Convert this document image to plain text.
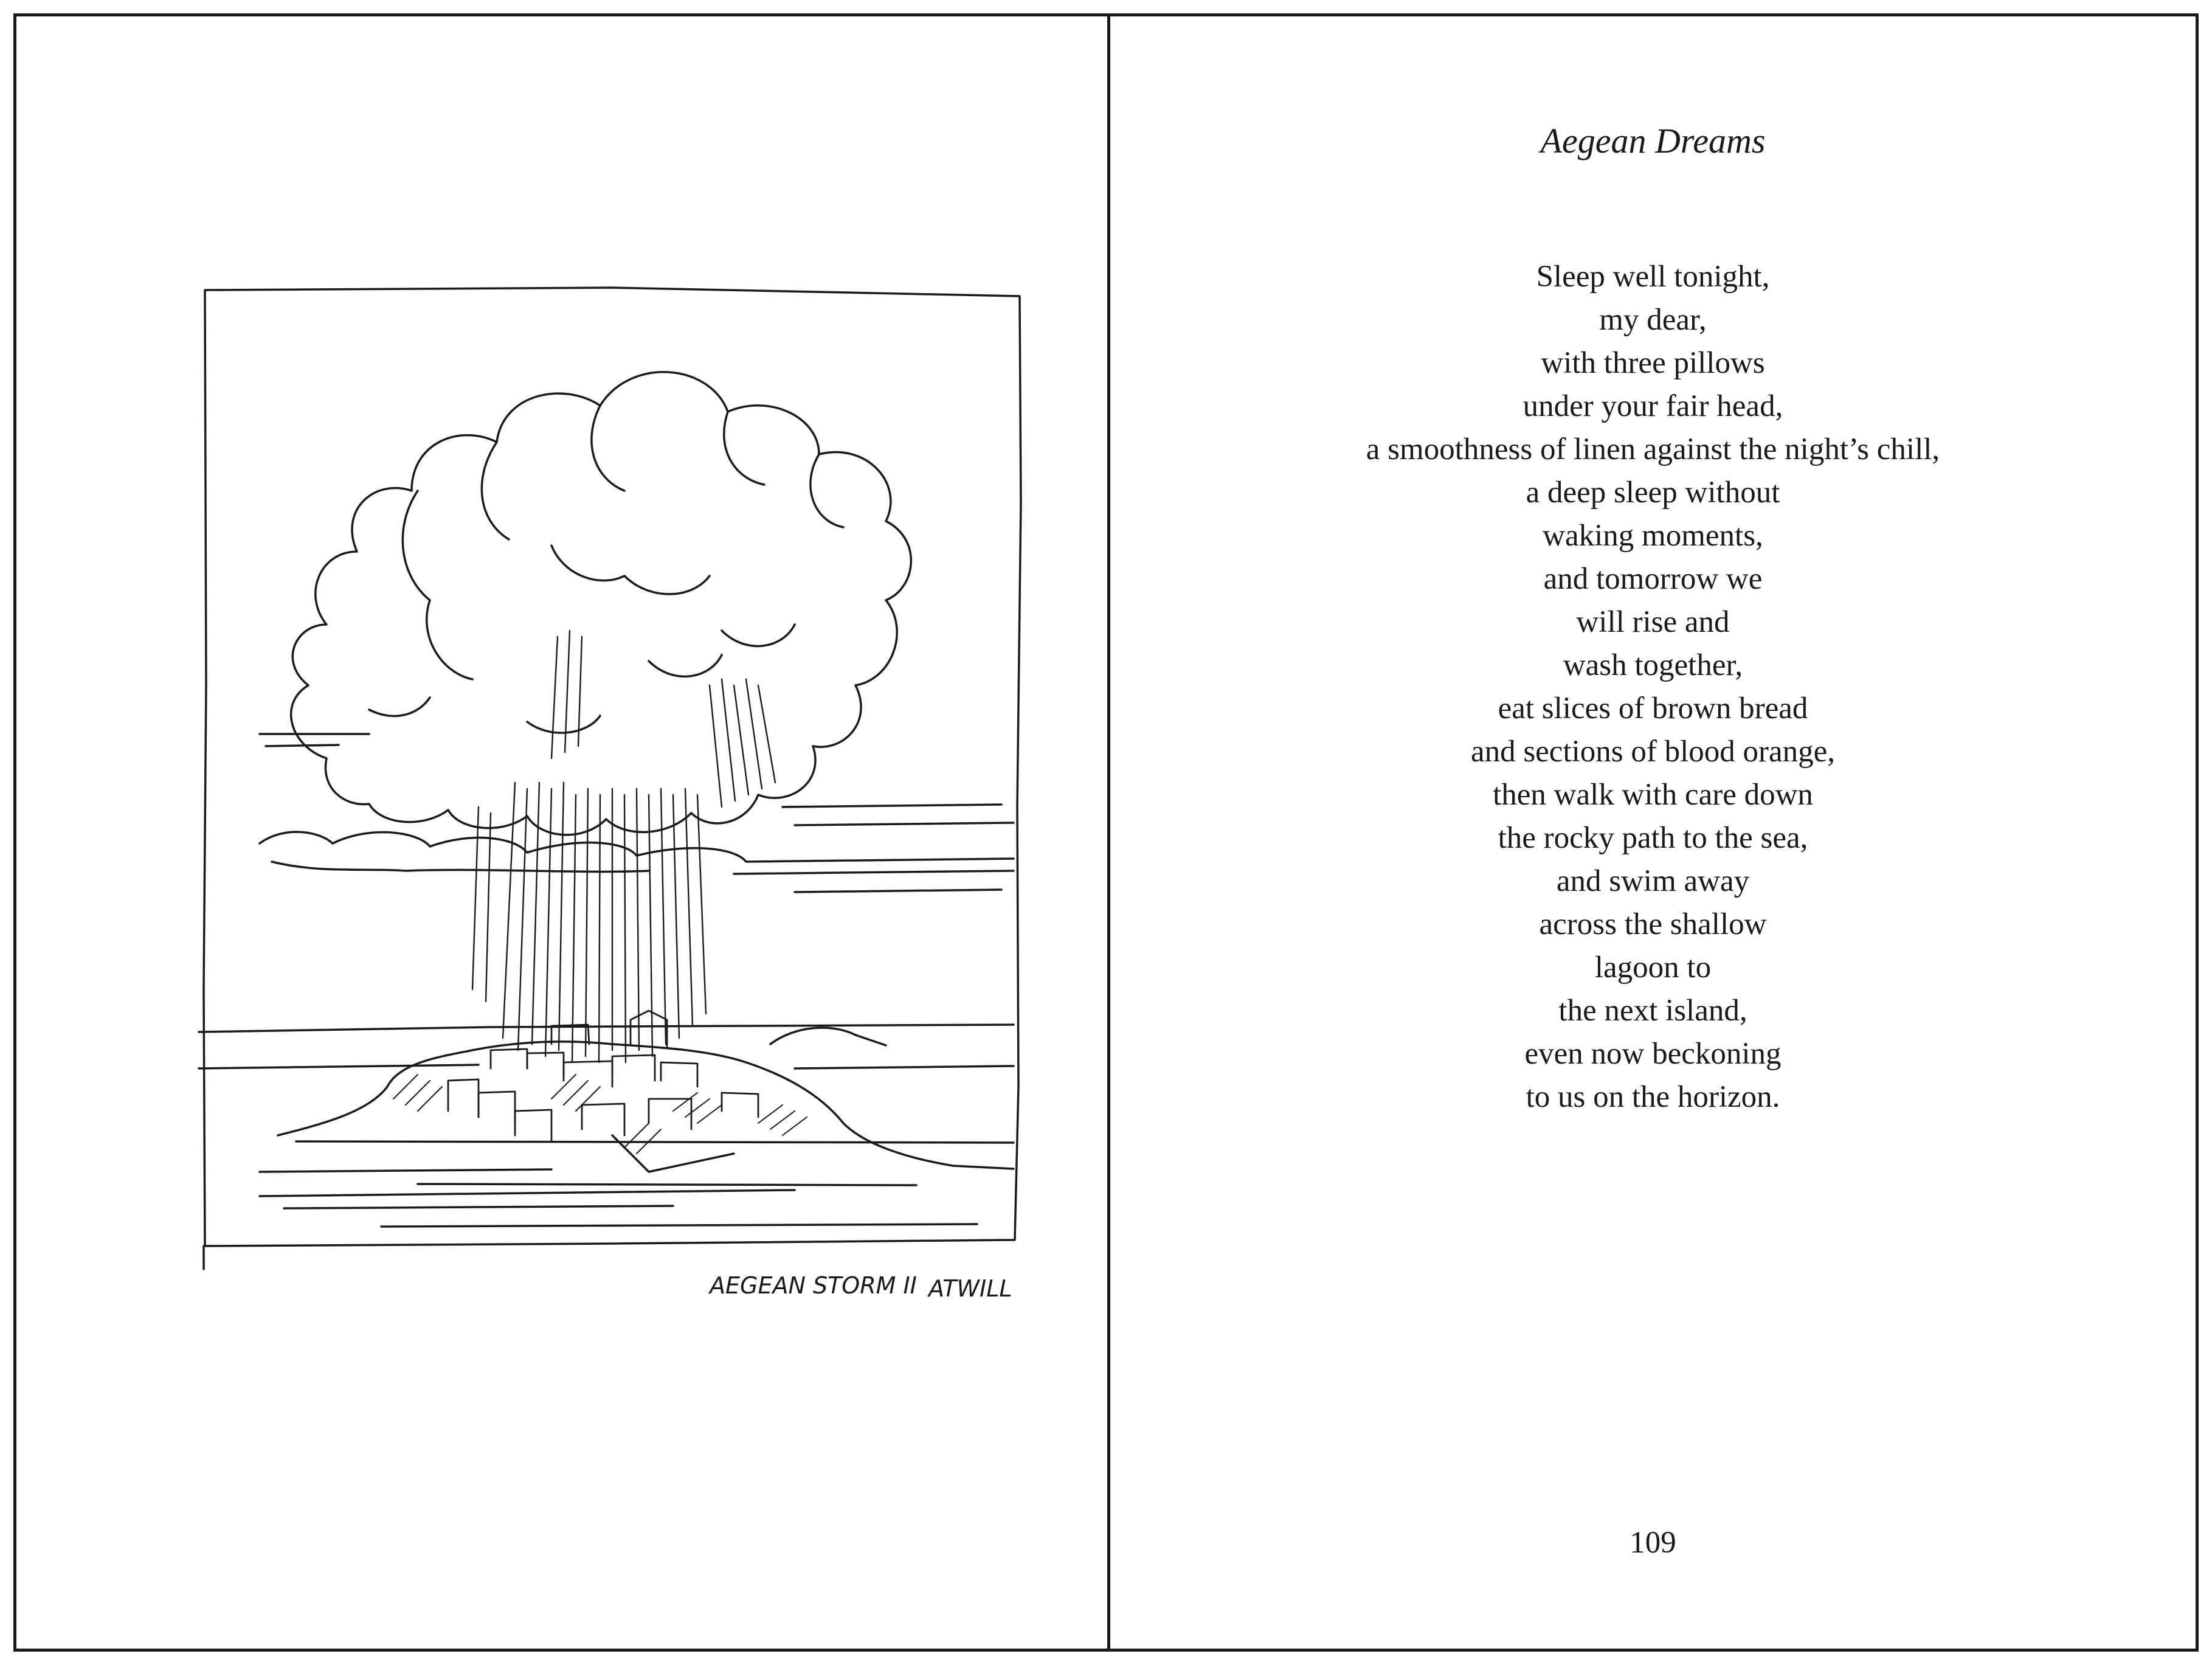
AEGEAN STORM II ATWILL
Aegean Dreams
Sleep well tonight,
my dear,
with three pillows
under your fair head,
a smoothness of linen against the night’s chill,
a deep sleep without
waking moments,
and tomorrow we
will rise and
wash together,
eat slices of brown bread
and sections of blood orange,
then walk with care down
the rocky path to the sea,
and swim away
across the shallow
lagoon to
the next island,
even now beckoning
to us on the horizon.
109
